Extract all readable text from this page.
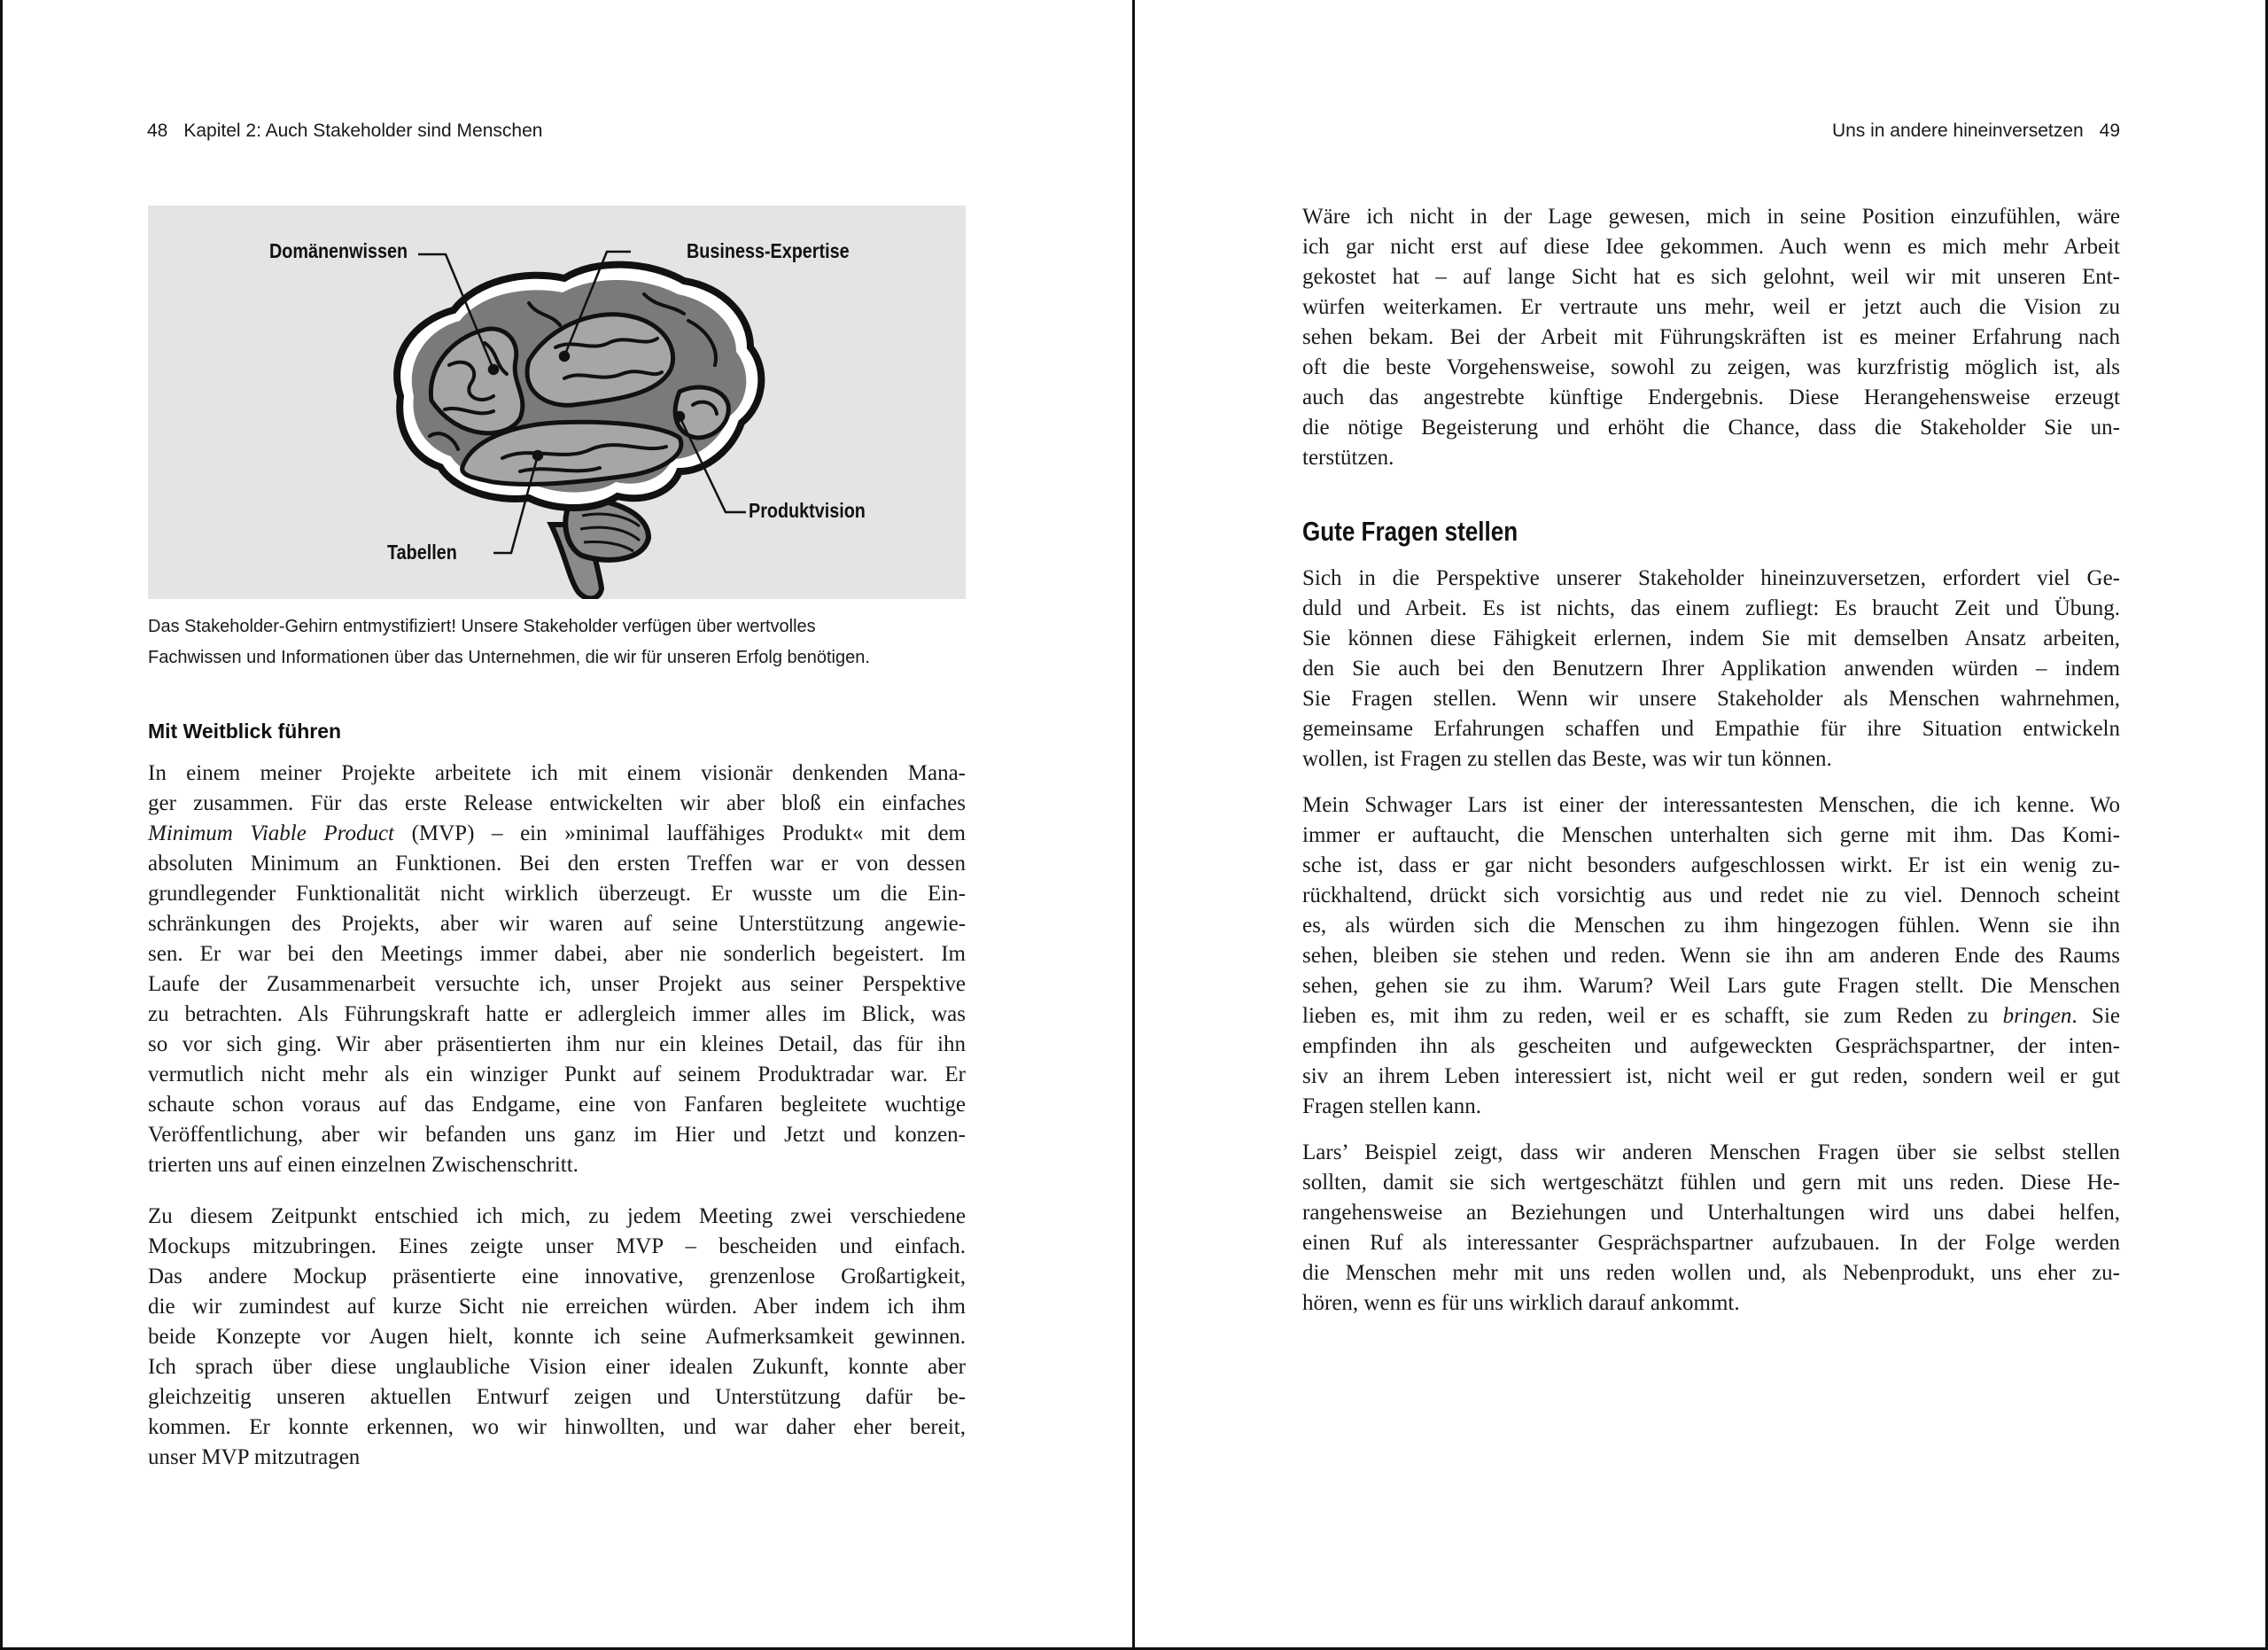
48 Kapitel 2: Auch Stakeholder sind Menschen
Domänenwissen	Business-Expertise
Produktvision
Tabellen
Das Stakeholder-Gehirn entmystifiziert! Unsere Stakeholder verfügen über wertvolles
Fachwissen und Informationen über das Unternehmen, die wir für unseren Erfolg benötigen.
Mit Weitblick führen
In einem meiner Projekte arbeitete ich mit einem visionär denkenden Mana-
ger zusammen. Für das erste Release entwickelten wir aber bloß ein einfaches
Minimum Viable Product (MVP) – ein »minimal lauffähiges Produkt« mit dem
absoluten Minimum an Funktionen. Bei den ersten Treffen war er von dessen
grundlegender Funktionalität nicht wirklich überzeugt. Er wusste um die Ein-
schränkungen des Projekts, aber wir waren auf seine Unterstützung angewie-
sen. Er war bei den Meetings immer dabei, aber nie sonderlich begeistert. Im
Laufe der Zusammenarbeit versuchte ich, unser Projekt aus seiner Perspektive
zu betrachten. Als Führungskraft hatte er adlergleich immer alles im Blick, was
so vor sich ging. Wir aber präsentierten ihm nur ein kleines Detail, das für ihn
vermutlich nicht mehr als ein winziger Punkt auf seinem Produktradar war. Er
schaute schon voraus auf das Endgame, eine von Fanfaren begleitete wuchtige
Veröffentlichung, aber wir befanden uns ganz im Hier und Jetzt und konzen-
trierten uns auf einen einzelnen Zwischenschritt.
Zu diesem Zeitpunkt entschied ich mich, zu jedem Meeting zwei verschiedene
Mockups mitzubringen. Eines zeigte unser MVP – bescheiden und einfach.
Das andere Mockup präsentierte eine innovative, grenzenlose Großartigkeit,
die wir zumindest auf kurze Sicht nie erreichen würden. Aber indem ich ihm
beide Konzepte vor Augen hielt, konnte ich seine Aufmerksamkeit gewinnen.
Ich sprach über diese unglaubliche Vision einer idealen Zukunft, konnte aber
gleichzeitig unseren aktuellen Entwurf zeigen und Unterstützung dafür be-
kommen. Er konnte erkennen, wo wir hinwollten, und war daher eher bereit,
unser MVP mitzutragen
Uns in andere hineinversetzen 49
Wäre ich nicht in der Lage gewesen, mich in seine Position einzufühlen, wäre
ich gar nicht erst auf diese Idee gekommen. Auch wenn es mich mehr Arbeit
gekostet hat – auf lange Sicht hat es sich gelohnt, weil wir mit unseren Ent-
würfen weiterkamen. Er vertraute uns mehr, weil er jetzt auch die Vision zu
sehen bekam. Bei der Arbeit mit Führungskräften ist es meiner Erfahrung nach
oft die beste Vorgehensweise, sowohl zu zeigen, was kurzfristig möglich ist, als
auch das angestrebte künftige Endergebnis. Diese Herangehensweise erzeugt
die nötige Begeisterung und erhöht die Chance, dass die Stakeholder Sie un-
terstützen.
Gute Fragen stellen
Sich in die Perspektive unserer Stakeholder hineinzuversetzen, erfordert viel Ge-
duld und Arbeit. Es ist nichts, das einem zufliegt: Es braucht Zeit und Übung.
Sie können diese Fähigkeit erlernen, indem Sie mit demselben Ansatz arbeiten,
den Sie auch bei den Benutzern Ihrer Applikation anwenden würden – indem
Sie Fragen stellen. Wenn wir unsere Stakeholder als Menschen wahrnehmen,
gemeinsame Erfahrungen schaffen und Empathie für ihre Situation entwickeln
wollen, ist Fragen zu stellen das Beste, was wir tun können.
Mein Schwager Lars ist einer der interessantesten Menschen, die ich kenne. Wo
immer er auftaucht, die Menschen unterhalten sich gerne mit ihm. Das Komi-
sche ist, dass er gar nicht besonders aufgeschlossen wirkt. Er ist ein wenig zu-
rückhaltend, drückt sich vorsichtig aus und redet nie zu viel. Dennoch scheint
es, als würden sich die Menschen zu ihm hingezogen fühlen. Wenn sie ihn
sehen, bleiben sie stehen und reden. Wenn sie ihn am anderen Ende des Raums
sehen, gehen sie zu ihm. Warum? Weil Lars gute Fragen stellt. Die Menschen
lieben es, mit ihm zu reden, weil er es schafft, sie zum Reden zu bringen. Sie
empfinden ihn als gescheiten und aufgeweckten Gesprächspartner, der inten-
siv an ihrem Leben interessiert ist, nicht weil er gut reden, sondern weil er gut
Fragen stellen kann.
Lars’ Beispiel zeigt, dass wir anderen Menschen Fragen über sie selbst stellen
sollten, damit sie sich wertgeschätzt fühlen und gern mit uns reden. Diese He-
rangehensweise an Beziehungen und Unterhaltungen wird uns dabei helfen,
einen Ruf als interessanter Gesprächspartner aufzubauen. In der Folge werden
die Menschen mehr mit uns reden wollen und, als Nebenprodukt, uns eher zu-
hören, wenn es für uns wirklich darauf ankommt.
